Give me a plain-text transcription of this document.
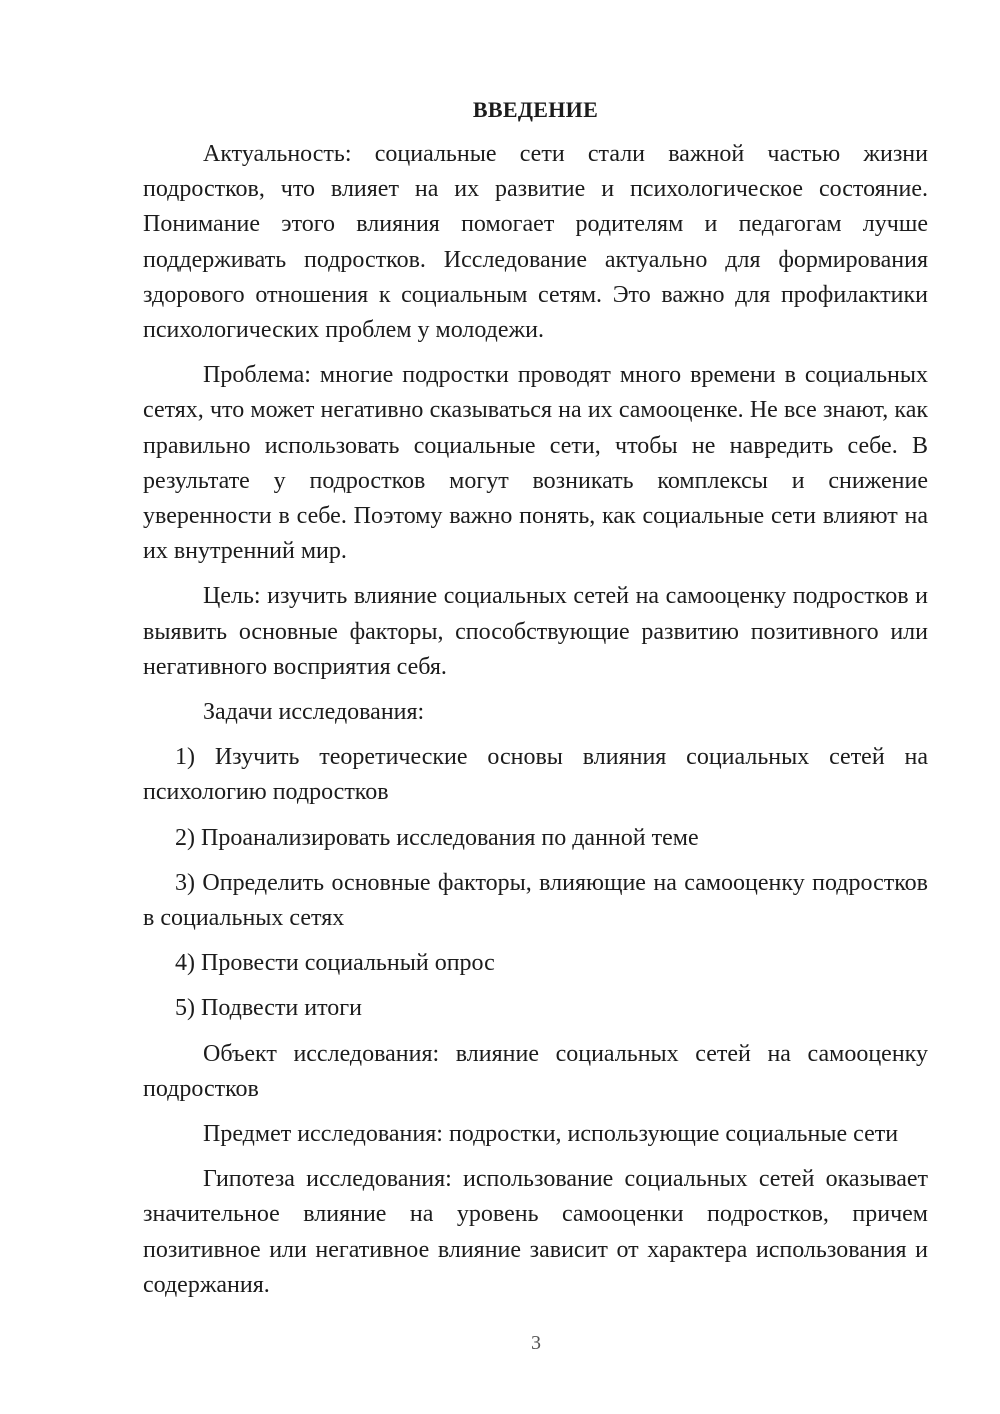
ВВЕДЕНИЕ

Актуальность: социальные сети стали важной частью жизни подростков, что влияет на их развитие и психологическое состояние. Понимание этого влияния помогает родителям и педагогам лучше поддерживать подростков. Исследование актуально для формирования здорового отношения к социальным сетям. Это важно для профилактики психологических проблем у молодежи.

Проблема: многие подростки проводят много времени в социальных сетях, что может негативно сказываться на их самооценке. Не все знают, как правильно использовать социальные сети, чтобы не навредить себе. В результате у подростков могут возникать комплексы и снижение уверенности в себе. Поэтому важно понять, как социальные сети влияют на их внутренний мир.

Цель: изучить влияние социальных сетей на самооценку подростков и выявить основные факторы, способствующие развитию позитивного или негативного восприятия себя.

Задачи исследования:

1) Изучить теоретические основы влияния социальных сетей на психологию подростков

2) Проанализировать исследования по данной теме

3) Определить основные факторы, влияющие на самооценку подростков в социальных сетях

4) Провести социальный опрос

5) Подвести итоги

Объект исследования: влияние социальных сетей на самооценку подростков

Предмет исследования: подростки, использующие социальные сети

Гипотеза исследования: использование социальных сетей оказывает значительное влияние на уровень самооценки подростков, причем позитивное или негативное влияние зависит от характера использования и содержания.

3
